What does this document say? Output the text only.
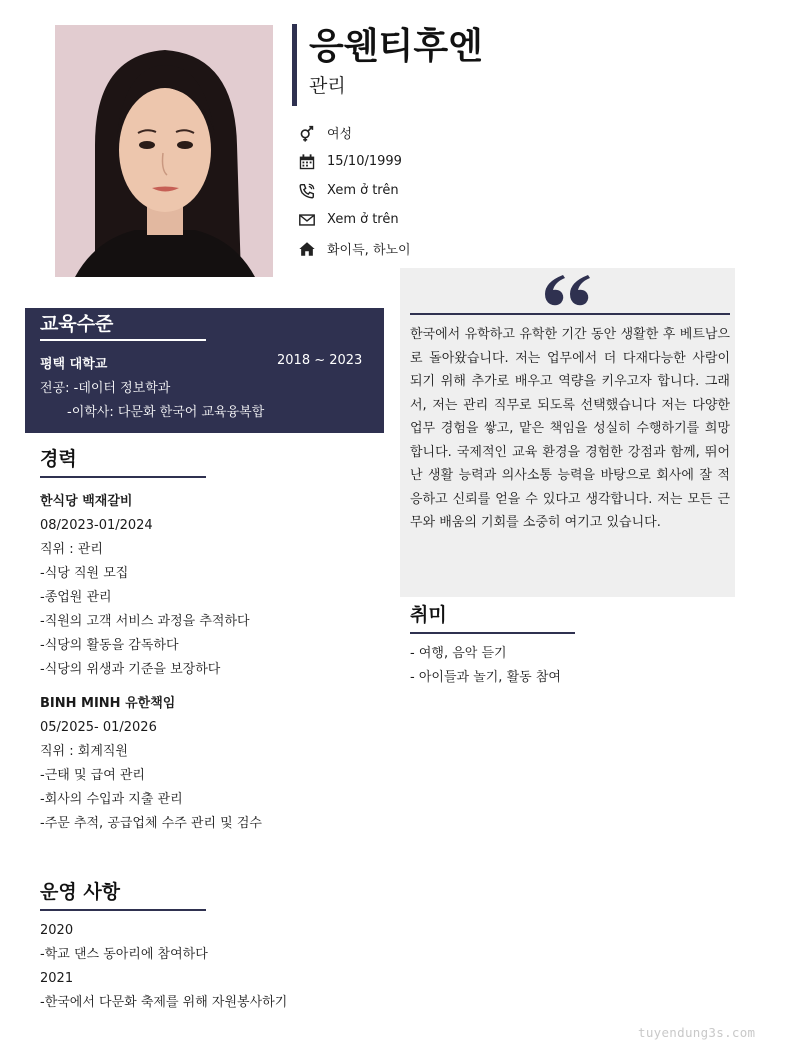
응웬티후엔
관리
여성
15/10/1999
Xem ở trên
Xem ở trên
화이득, 하노이
교육수준
평택 대학교	2018 ~ 2023
전공: -데이터 정보학과
-이학사: 다문화 한국어 교육융복합
경력
한식당 백재갈비
08/2023-01/2024
직위 : 관리
-식당 직원 모집
-종업원 관리
-직원의 고객 서비스 과정을 추적하다
-식당의 활동을 감독하다
-식당의 위생과 기준을 보장하다
BINH MINH 유한책임
05/2025- 01/2026
직위 : 회계직원
-근태 및 급여 관리
-회사의 수입과 지출 관리
-주문 추적, 공급업체 수주 관리 및 검수
운영 사항
2020
-학교 댄스 동아리에 참여하다
2021
-한국에서 다문화 축제를 위해 자원봉사하기
한국에서 유학하고 유학한 기간 동안 생활한 후 베트남으로 돌아왔습니다. 저는 업무에서 더 다재다능한 사람이 되기 위해 추가로 배우고 역량을 키우고자 합니다. 그래서, 저는 관리 직무로 되도록 선택했습니다 저는 다양한 업무 경험을 쌓고, 맡은 책임을 성실히 수행하기를 희망합니다. 국제적인 교육 환경을 경험한 강점과 함께, 뛰어난 생활 능력과 의사소통 능력을 바탕으로 회사에 잘 적응하고 신뢰를 얻을 수 있다고 생각합니다. 저는 모든 근무와 배움의 기회를 소중히 여기고 있습니다.
취미
- 여행, 음악 듣기
- 아이들과 놀기, 활동 참여
tuyendung3s.com
